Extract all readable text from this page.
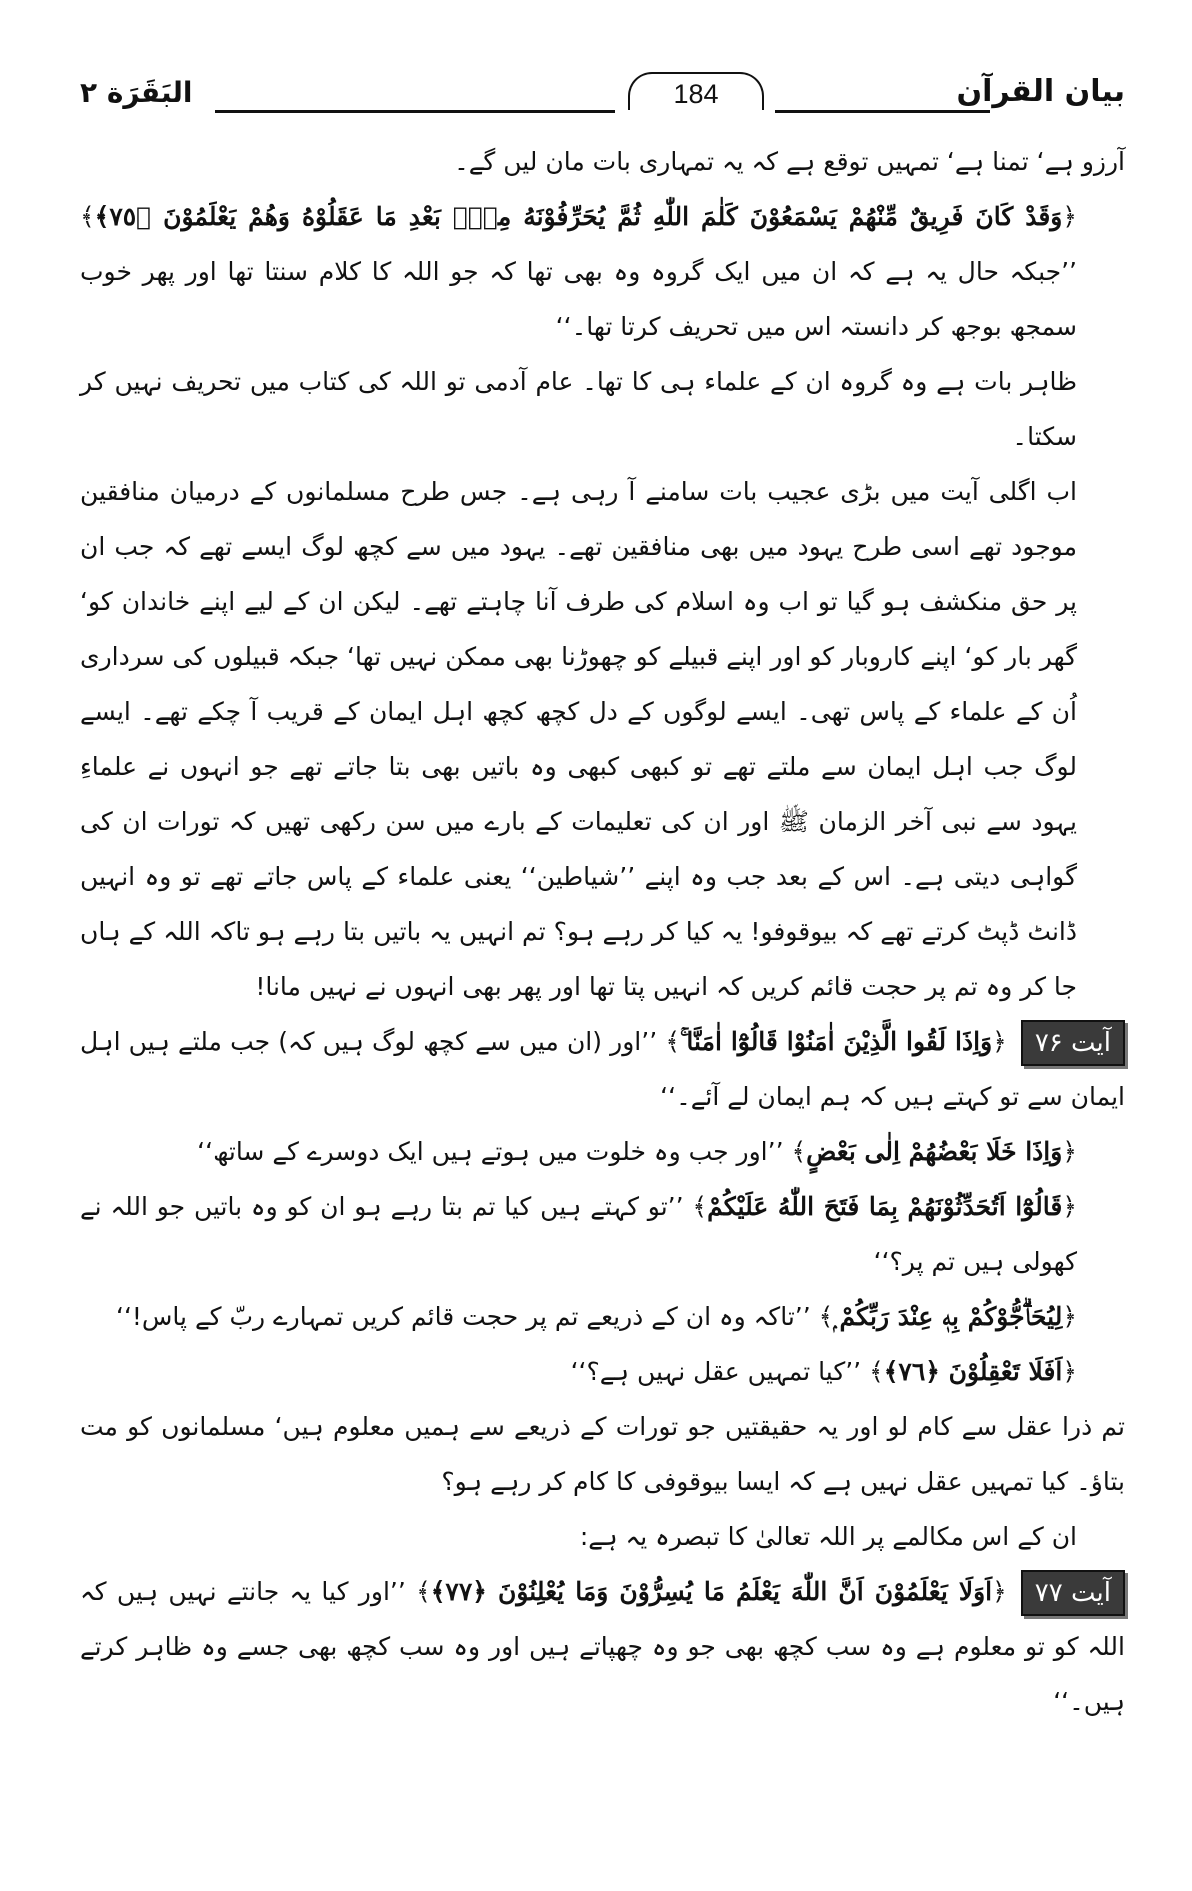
البَقَرَة ٢	184	بیان القرآن

آرزو ہے‘ تمنا ہے‘ تمہیں توقع ہے کہ یہ تمہاری بات مان لیں گے۔

﴿وَقَدْ كَانَ فَرِيقٌ مِّنْهُمْ يَسْمَعُوْنَ كَلٰمَ اللّٰهِ ثُمَّ يُحَرِّفُوْنَهُ مِنْۢ بَعْدِ مَا عَقَلُوْهُ وَهُمْ يَعْلَمُوْنَ ﴿٧٥﴾﴾ ’’جبکہ حال یہ ہے کہ ان میں ایک گروہ وہ بھی تھا کہ جو اللہ کا کلام سنتا تھا اور پھر خوب سمجھ بوجھ کر دانستہ اس میں تحریف کرتا تھا۔‘‘

ظاہر بات ہے وہ گروہ ان کے علماء ہی کا تھا۔ عام آدمی تو اللہ کی کتاب میں تحریف نہیں کر سکتا۔

اب اگلی آیت میں بڑی عجیب بات سامنے آ رہی ہے۔ جس طرح مسلمانوں کے درمیان منافقین موجود تھے اسی طرح یہود میں بھی منافقین تھے۔ یہود میں سے کچھ لوگ ایسے تھے کہ جب ان پر حق منکشف ہو گیا تو اب وہ اسلام کی طرف آنا چاہتے تھے۔ لیکن ان کے لیے اپنے خاندان کو‘ گھر بار کو‘ اپنے کاروبار کو اور اپنے قبیلے کو چھوڑنا بھی ممکن نہیں تھا‘ جبکہ قبیلوں کی سرداری اُن کے علماء کے پاس تھی۔ ایسے لوگوں کے دل کچھ کچھ اہل ایمان کے قریب آ چکے تھے۔ ایسے لوگ جب اہل ایمان سے ملتے تھے تو کبھی کبھی وہ باتیں بھی بتا جاتے تھے جو انہوں نے علماءِ یہود سے نبی آخر الزمان ﷺ اور ان کی تعلیمات کے بارے میں سن رکھی تھیں کہ تورات ان کی گواہی دیتی ہے۔ اس کے بعد جب وہ اپنے ’’شیاطین‘‘ یعنی علماء کے پاس جاتے تھے تو وہ انہیں ڈانٹ ڈپٹ کرتے تھے کہ بیوقوفو! یہ کیا کر رہے ہو؟ تم انہیں یہ باتیں بتا رہے ہو تاکہ اللہ کے ہاں جا کر وہ تم پر حجت قائم کریں کہ انہیں پتا تھا اور پھر بھی انہوں نے نہیں مانا!

آیت ۷۶﴿وَاِذَا لَقُوا الَّذِيْنَ اٰمَنُوْا قَالُوْٓا اٰمَنَّا ۚ﴾ ’’اور (ان میں سے کچھ لوگ ہیں کہ) جب ملتے ہیں اہل ایمان سے تو کہتے ہیں کہ ہم ایمان لے آئے۔‘‘

﴿وَاِذَا خَلَا بَعْضُهُمْ اِلٰى بَعْضٍ﴾ ’’اور جب وہ خلوت میں ہوتے ہیں ایک دوسرے کے ساتھ‘‘

﴿قَالُوْٓا اَتُحَدِّثُوْنَهُمْ بِمَا فَتَحَ اللّٰهُ عَلَيْكُمْ﴾ ’’تو کہتے ہیں کیا تم بتا رہے ہو ان کو وہ باتیں جو اللہ نے کھولی ہیں تم پر؟‘‘

﴿لِيُحَاۗجُّوْكُمْ بِهٖ عِنْدَ رَبِّكُمْ ۭ﴾ ’’تاکہ وہ ان کے ذریعے تم پر حجت قائم کریں تمہارے ربّ کے پاس!‘‘

﴿اَفَلَا تَعْقِلُوْنَ ﴿٧٦﴾﴾ ’’کیا تمہیں عقل نہیں ہے؟‘‘

تم ذرا عقل سے کام لو اور یہ حقیقتیں جو تورات کے ذریعے سے ہمیں معلوم ہیں‘ مسلمانوں کو مت بتاؤ۔ کیا تمہیں عقل نہیں ہے کہ ایسا بیوقوفی کا کام کر رہے ہو؟

ان کے اس مکالمے پر اللہ تعالیٰ کا تبصرہ یہ ہے:

آیت ۷۷﴿اَوَلَا يَعْلَمُوْنَ اَنَّ اللّٰهَ يَعْلَمُ مَا يُسِرُّوْنَ وَمَا يُعْلِنُوْنَ ﴿٧٧﴾﴾ ’’اور کیا یہ جانتے نہیں ہیں کہ اللہ کو تو معلوم ہے وہ سب کچھ بھی جو وہ چھپاتے ہیں اور وہ سب کچھ بھی جسے وہ ظاہر کرتے ہیں۔‘‘
